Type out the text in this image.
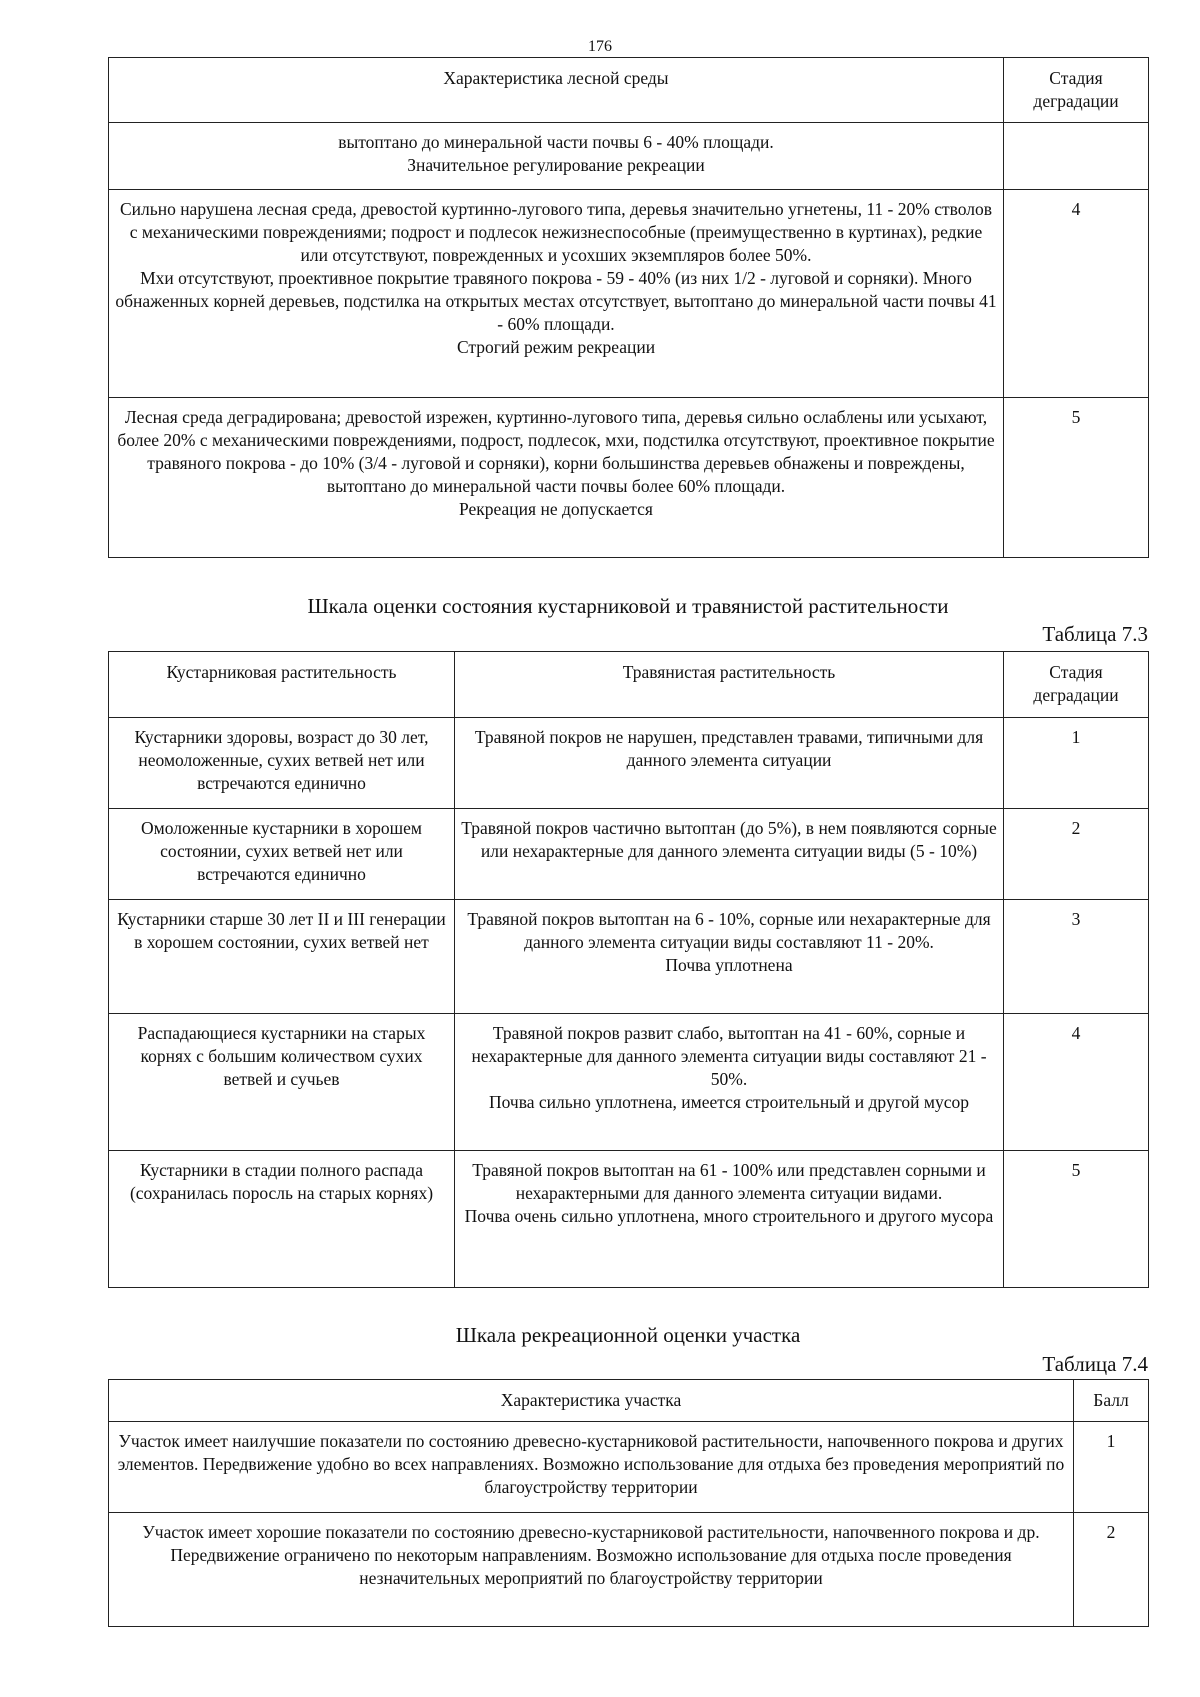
176
Характеристика лесной среды	Стадия деградации

вытоптано до минеральной части почвы 6 - 40% площади.
Значительное регулирование рекреации	

Сильно нарушена лесная среда, древостой куртинно-лугового типа, деревья значительно угнетены, 11 - 20% стволов с механическими повреждениями; подрост и подлесок нежизнеспособные (преимущественно в куртинах), редкие или отсутствуют, поврежденных и усохших экземпляров более 50%.
Мхи отсутствуют, проективное покрытие травяного покрова - 59 - 40% (из них 1/2 - луговой и сорняки). Много обнаженных корней деревьев, подстилка на открытых местах отсутствует, вытоптано до минеральной части почвы 41 - 60% площади.
Строгий режим рекреации	4

Лесная среда деградирована; древостой изрежен, куртинно-лугового типа, деревья сильно ослаблены или усыхают, более 20% с механическими повреждениями, подрост, подлесок, мхи, подстилка отсутствуют, проективное покрытие травяного покрова - до 10% (3/4 - луговой и сорняки), корни большинства деревьев обнажены и повреждены, вытоптано до минеральной части почвы более 60% площади.
Рекреация не допускается	5
Шкала оценки состояния кустарниковой и травянистой растительности
Таблица 7.3
Кустарниковая растительность	Травянистая растительность	Стадия деградации
Кустарники здоровы, возраст до 30 лет, неомоложенные, сухих ветвей нет или встречаются единично	Травяной покров не нарушен, представлен травами, типичными для данного элемента ситуации	1
Омоложенные кустарники в хорошем состоянии, сухих ветвей нет или встречаются единично	Травяной покров частично вытоптан (до 5%), в нем появляются сорные или нехарактерные для данного элемента ситуации виды (5 - 10%)	2
Кустарники старше 30 лет II и III генерации в хорошем состоянии, сухих ветвей нет	Травяной покров вытоптан на 6 - 10%, сорные или нехарактерные для данного элемента ситуации виды составляют 11 - 20%.
Почва уплотнена	3
Распадающиеся кустарники на старых корнях с большим количеством сухих ветвей и сучьев	Травяной покров развит слабо, вытоптан на 41 - 60%, сорные и нехарактерные для данного элемента ситуации виды составляют 21 - 50%.
Почва сильно уплотнена, имеется строительный и другой мусор	4
Кустарники в стадии полного распада (сохранилась поросль на старых корнях)	Травяной покров вытоптан на 61 - 100% или представлен сорными и нехарактерными для данного элемента ситуации видами.
Почва очень сильно уплотнена, много строительного и другого мусора	5
Шкала рекреационной оценки участка
Таблица 7.4
Характеристика участка	Балл

Участок имеет наилучшие показатели по состоянию древесно-кустарниковой растительности, напочвенного покрова и других элементов. Передвижение удобно во всех направлениях. Возможно использование для отдыха без проведения мероприятий по благоустройству территории	1

Участок имеет хорошие показатели по состоянию древесно-кустарниковой растительности, напочвенного покрова и др.
Передвижение ограничено по некоторым направлениям. Возможно использование для отдыха после проведения незначительных мероприятий по благоустройству территории	2
